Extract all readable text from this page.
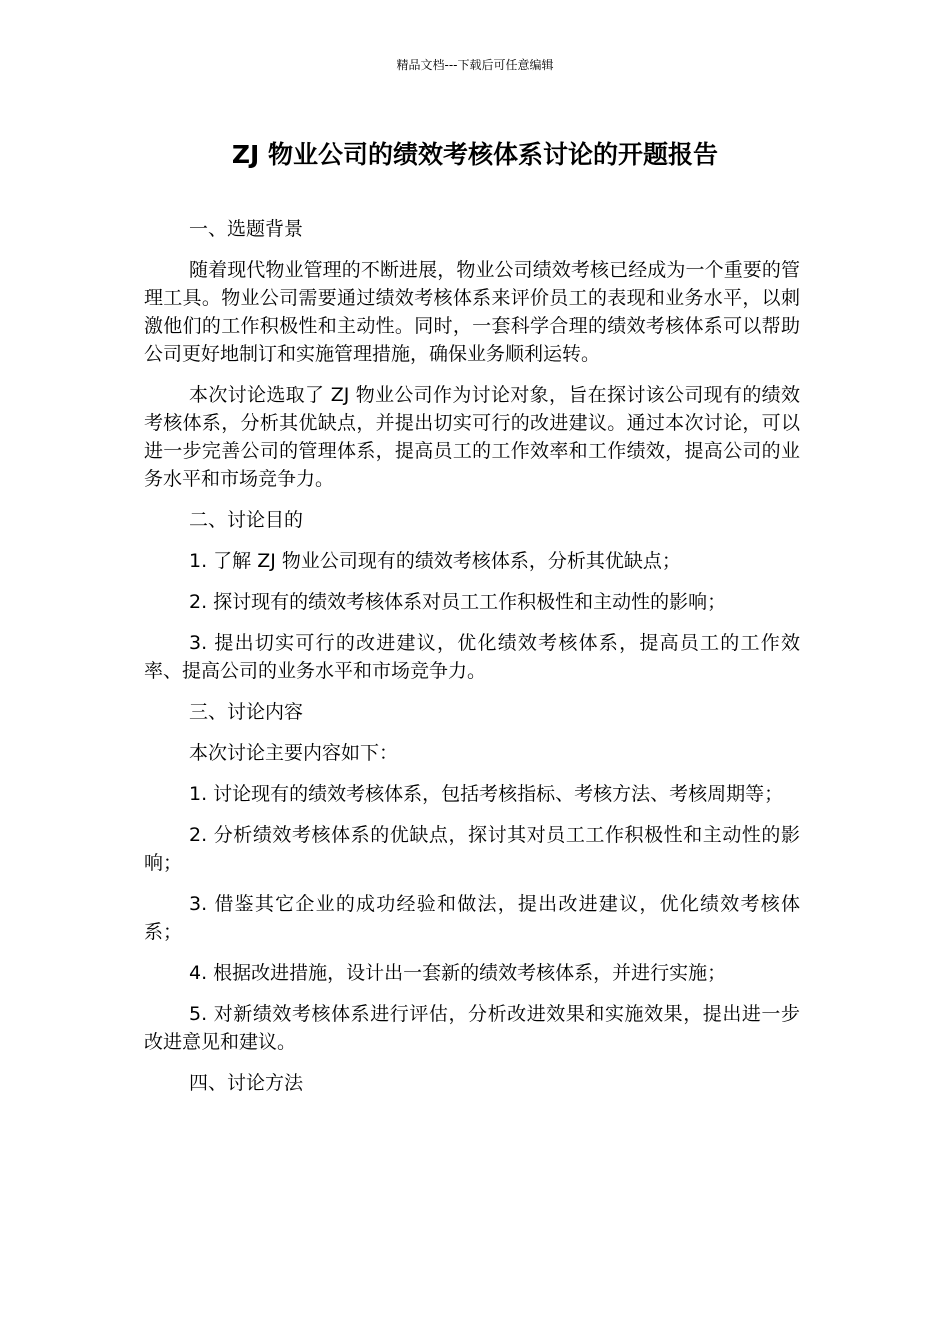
精品文档---下载后可任意编辑
ZJ 物业公司的绩效考核体系讨论的开题报告

一、选题背景

随着现代物业管理的不断进展，物业公司绩效考核已经成为一个重要的管理工具。物业公司需要通过绩效考核体系来评价员工的表现和业务水平，以刺激他们的工作积极性和主动性。同时，一套科学合理的绩效考核体系可以帮助公司更好地制订和实施管理措施，确保业务顺利运转。

本次讨论选取了 ZJ 物业公司作为讨论对象，旨在探讨该公司现有的绩效考核体系，分析其优缺点，并提出切实可行的改进建议。通过本次讨论，可以进一步完善公司的管理体系，提高员工的工作效率和工作绩效，提高公司的业务水平和市场竞争力。

二、讨论目的

1. 了解 ZJ 物业公司现有的绩效考核体系，分析其优缺点；

2. 探讨现有的绩效考核体系对员工工作积极性和主动性的影响；

3. 提出切实可行的改进建议，优化绩效考核体系，提高员工的工作效率、提高公司的业务水平和市场竞争力。

三、讨论内容

本次讨论主要内容如下：

1. 讨论现有的绩效考核体系，包括考核指标、考核方法、考核周期等；

2. 分析绩效考核体系的优缺点，探讨其对员工工作积极性和主动性的影响；

3. 借鉴其它企业的成功经验和做法，提出改进建议，优化绩效考核体系；

4. 根据改进措施，设计出一套新的绩效考核体系，并进行实施；

5. 对新绩效考核体系进行评估，分析改进效果和实施效果，提出进一步改进意见和建议。

四、讨论方法
